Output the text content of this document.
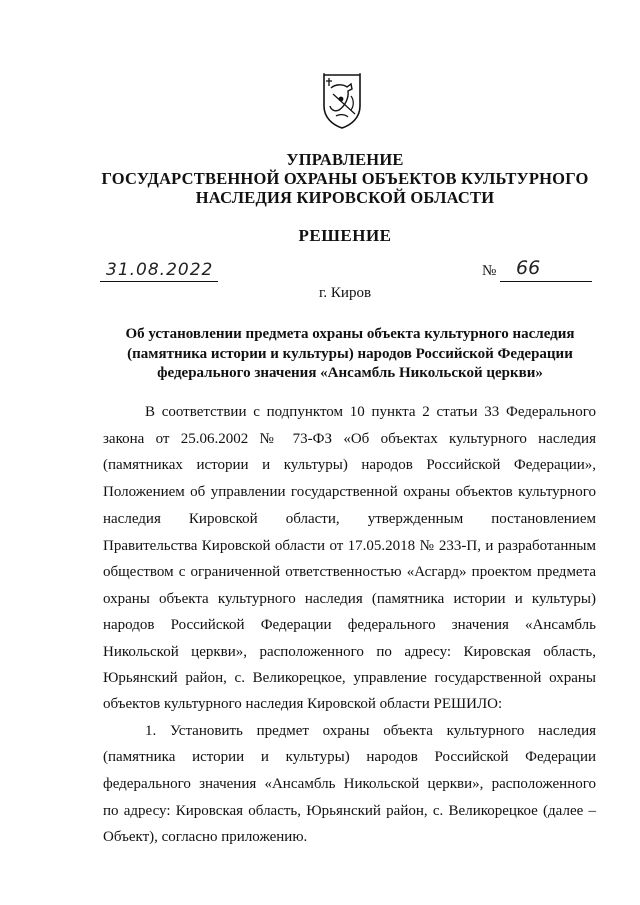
УПРАВЛЕНИЕ
ГОСУДАРСТВЕННОЙ ОХРАНЫ ОБЪЕКТОВ КУЛЬТУРНОГО
НАСЛЕДИЯ КИРОВСКОЙ ОБЛАСТИ
РЕШЕНИЕ
31.08.2022	№ 66
г. Киров
Об установлении предмета охраны объекта культурного наследия
(памятника истории и культуры) народов Российской Федерации
федерального значения «Ансамбль Никольской церкви»
В соответствии с подпунктом 10 пункта 2 статьи 33 Федерального
закона от 25.06.2002 № 73-ФЗ «Об объектах культурного наследия
(памятниках истории и культуры) народов Российской Федерации»,
Положением об управлении государственной охраны объектов культурного
наследия Кировской области, утвержденным постановлением
Правительства Кировской области от 17.05.2018 № 233-П, и разработанным
обществом с ограниченной ответственностью «Асгард» проектом предмета
охраны объекта культурного наследия (памятника истории и культуры)
народов Российской Федерации федерального значения «Ансамбль
Никольской церкви», расположенного по адресу: Кировская область,
Юрьянский район, с. Великорецкое, управление государственной охраны
объектов культурного наследия Кировской области РЕШИЛО:
1. Установить предмет охраны объекта культурного наследия
(памятника истории и культуры) народов Российской Федерации
федерального значения «Ансамбль Никольской церкви», расположенного
по адресу: Кировская область, Юрьянский район, с. Великорецкое (далее –
Объект), согласно приложению.
